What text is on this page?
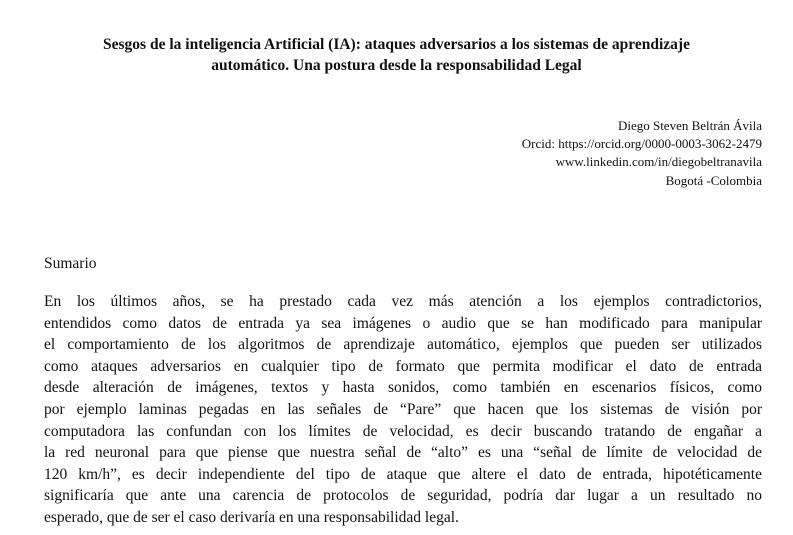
Sesgos de la inteligencia Artificial (IA): ataques adversarios a los sistemas de aprendizaje
automático. Una postura desde la responsabilidad Legal
Diego Steven Beltrán Ávila
Orcid: https://orcid.org/0000-0003-3062-2479
www.linkedin.com/in/diegobeltranavila
Bogotá -Colombia
Sumario
En los últimos años, se ha prestado cada vez más atención a los ejemplos contradictorios,
entendidos como datos de entrada ya sea imágenes o audio que se han modificado para manipular
el comportamiento de los algoritmos de aprendizaje automático, ejemplos que pueden ser utilizados
como ataques adversarios en cualquier tipo de formato que permita modificar el dato de entrada
desde alteración de imágenes, textos y hasta sonidos, como también en escenarios físicos, como
por ejemplo laminas pegadas en las señales de “Pare” que hacen que los sistemas de visión por
computadora las confundan con los límites de velocidad, es decir buscando tratando de engañar a
la red neuronal para que piense que nuestra señal de “alto” es una “señal de límite de velocidad de
120 km/h”, es decir independiente del tipo de ataque que altere el dato de entrada, hipotéticamente
significaría que ante una carencia de protocolos de seguridad, podría dar lugar a un resultado no
esperado, que de ser el caso derivaría en una responsabilidad legal.
